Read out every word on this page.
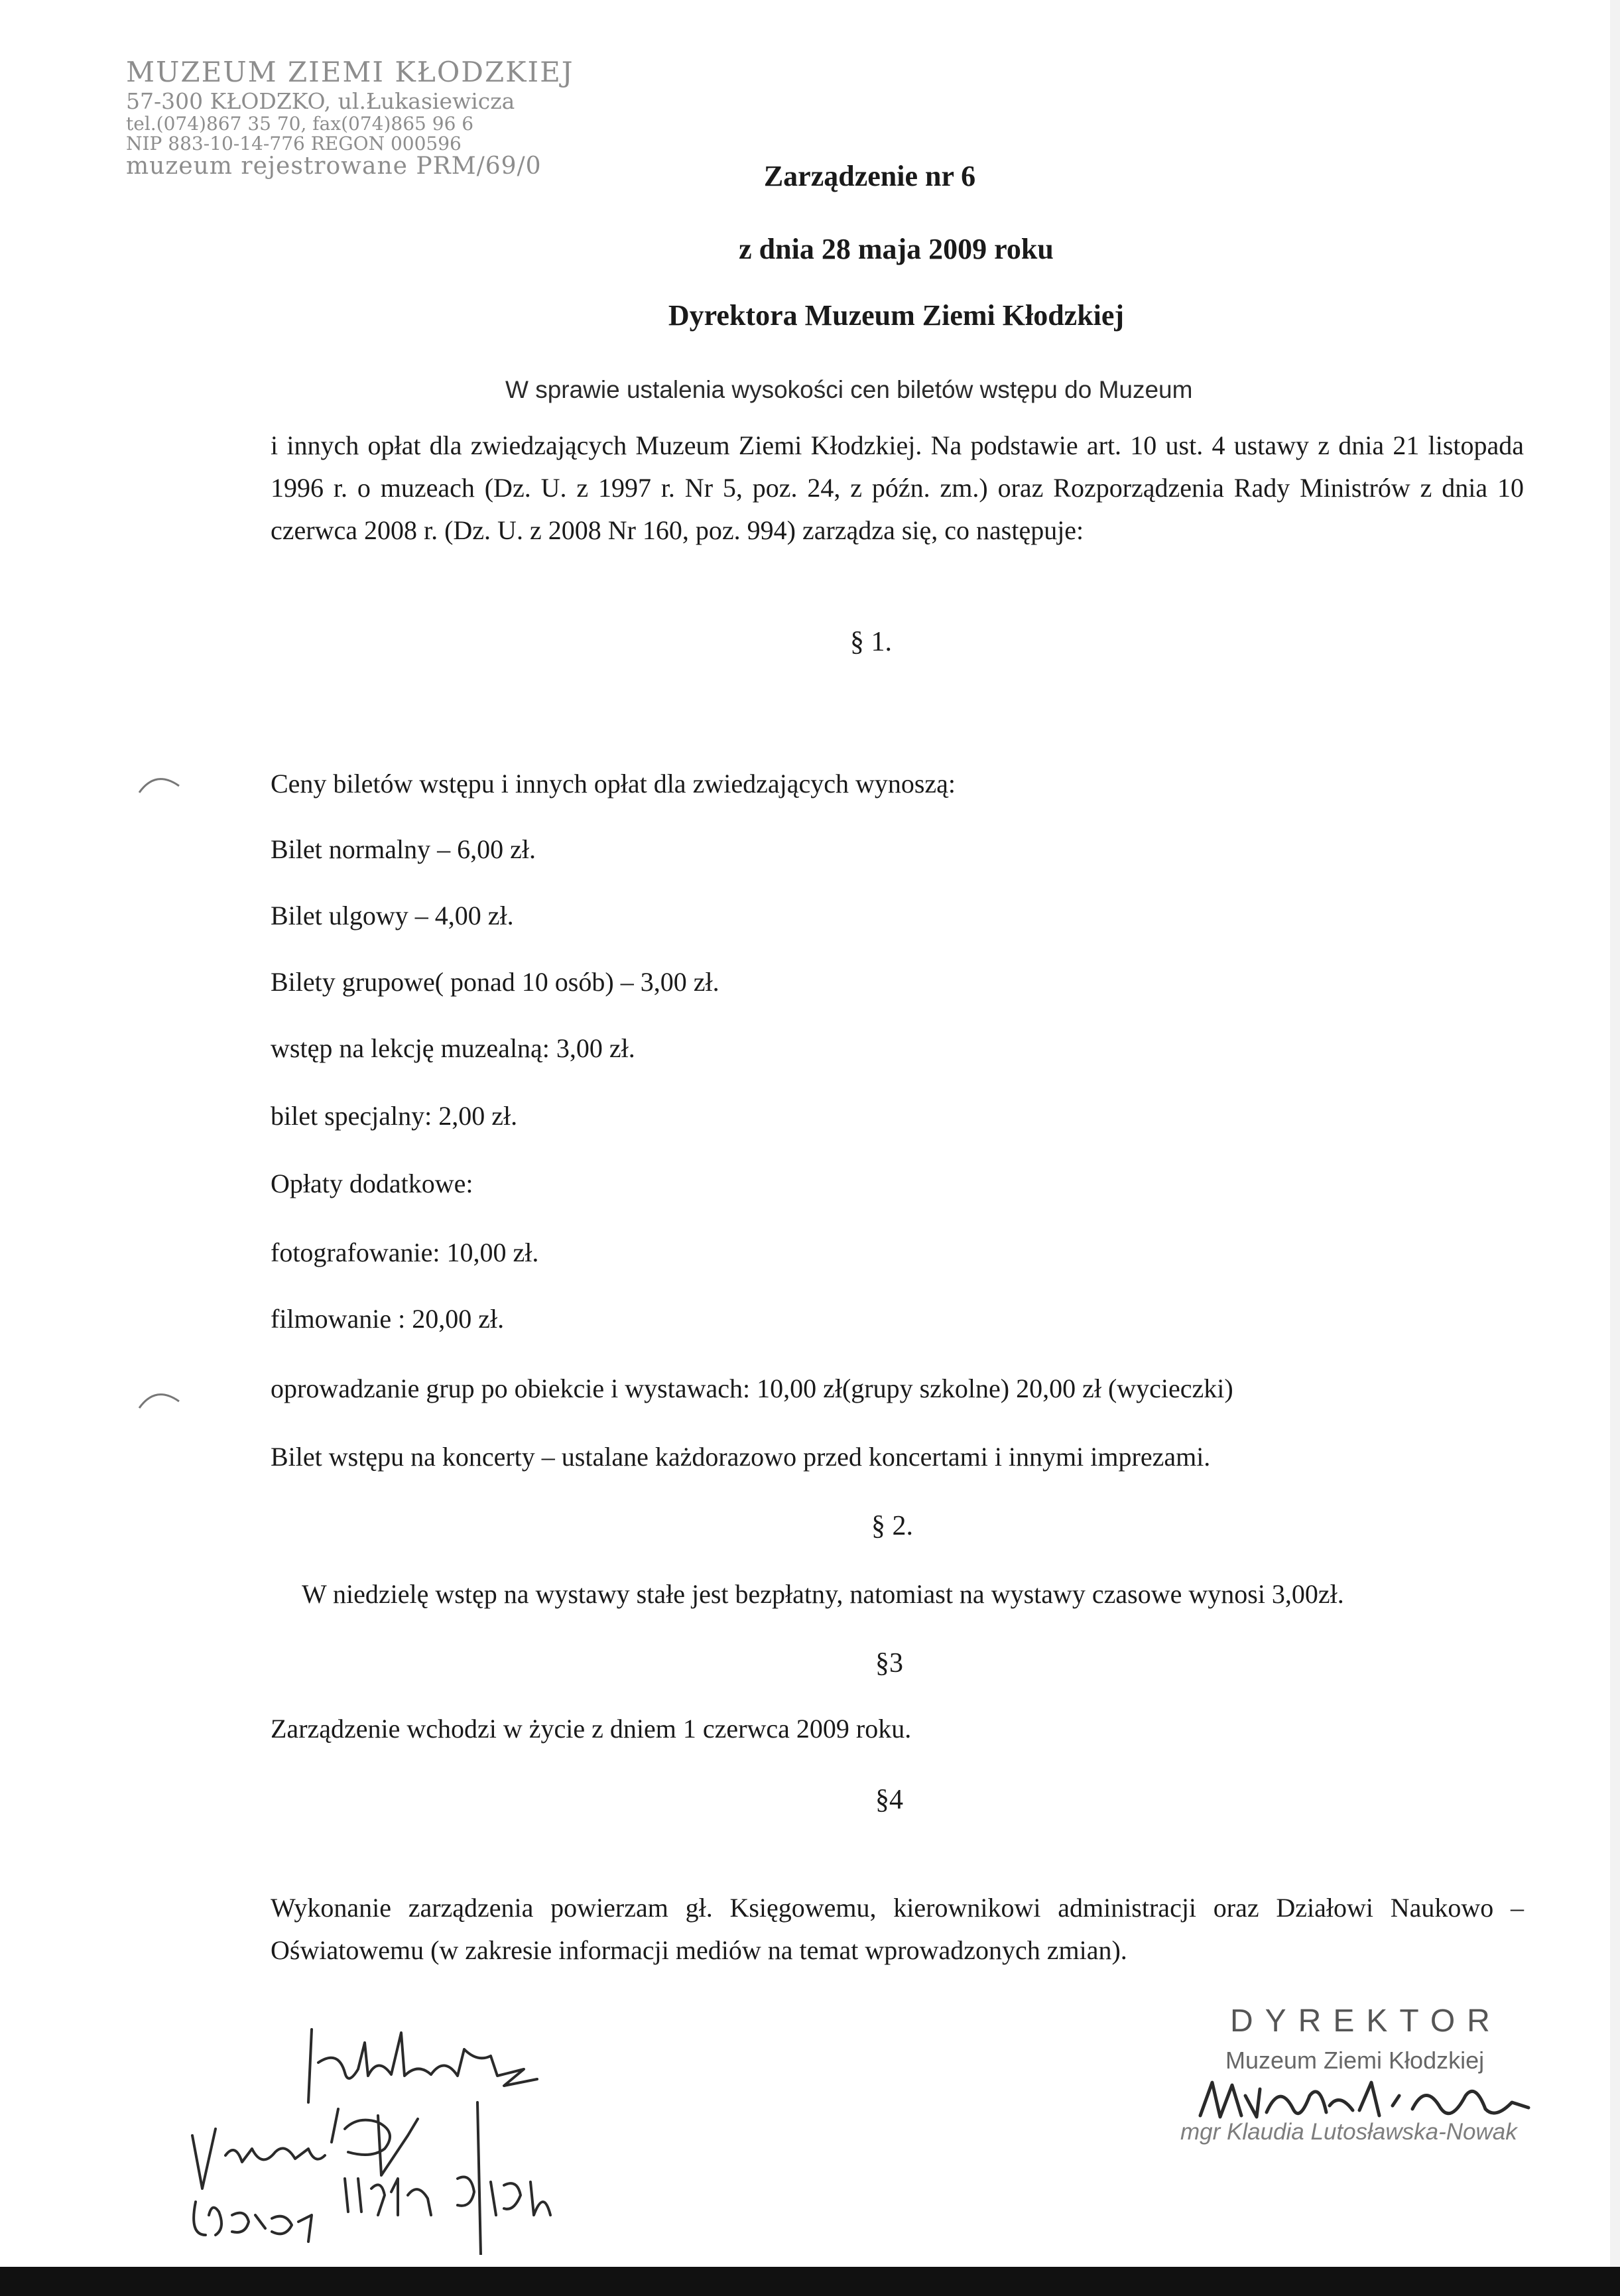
MUZEUM ZIEMI KŁODZKIEJ
57-300 KŁODZKO, ul.Łukasiewicza
tel.(074)867 35 70, fax(074)865 96 6
NIP 883-10-14-776 REGON 000596
muzeum rejestrowane PRM/69/0	Zarządzenie nr 6
z dnia 28 maja 2009 roku
Dyrektora Muzeum Ziemi Kłodzkiej
W sprawie ustalenia wysokości cen biletów wstępu do Muzeum
i innych opłat dla zwiedzających Muzeum Ziemi Kłodzkiej. Na podstawie art. 10 ust. 4 ustawy z dnia 21 listopada 1996 r. o muzeach (Dz. U. z 1997 r. Nr 5, poz. 24, z późn. zm.) oraz Rozporządzenia Rady Ministrów z dnia 10 czerwca 2008 r. (Dz. U. z 2008 Nr 160, poz. 994) zarządza się, co następuje:
§ 1.
Ceny biletów wstępu i innych opłat dla zwiedzających wynoszą:
Bilet normalny – 6,00 zł.
Bilet ulgowy – 4,00 zł.
Bilety grupowe( ponad 10 osób) – 3,00 zł.
wstęp na lekcję muzealną: 3,00 zł.
bilet specjalny: 2,00 zł.
Opłaty dodatkowe:
fotografowanie: 10,00 zł.
filmowanie : 20,00 zł.
oprowadzanie grup po obiekcie i wystawach: 10,00 zł(grupy szkolne) 20,00 zł (wycieczki)
Bilet wstępu na koncerty – ustalane każdorazowo przed koncertami i innymi imprezami.
§ 2.
W niedzielę wstęp na wystawy stałe jest bezpłatny, natomiast na wystawy czasowe wynosi 3,00zł.
§3
Zarządzenie wchodzi w życie z dniem 1 czerwca 2009 roku.
§4
Wykonanie zarządzenia powierzam gł. Księgowemu, kierownikowi administracji oraz Działowi Naukowo –Oświatowemu (w zakresie informacji mediów na temat wprowadzonych zmian).
DYREKTOR
Muzeum Ziemi Kłodzkiej
mgr Klaudia Lutosławska-Nowak
